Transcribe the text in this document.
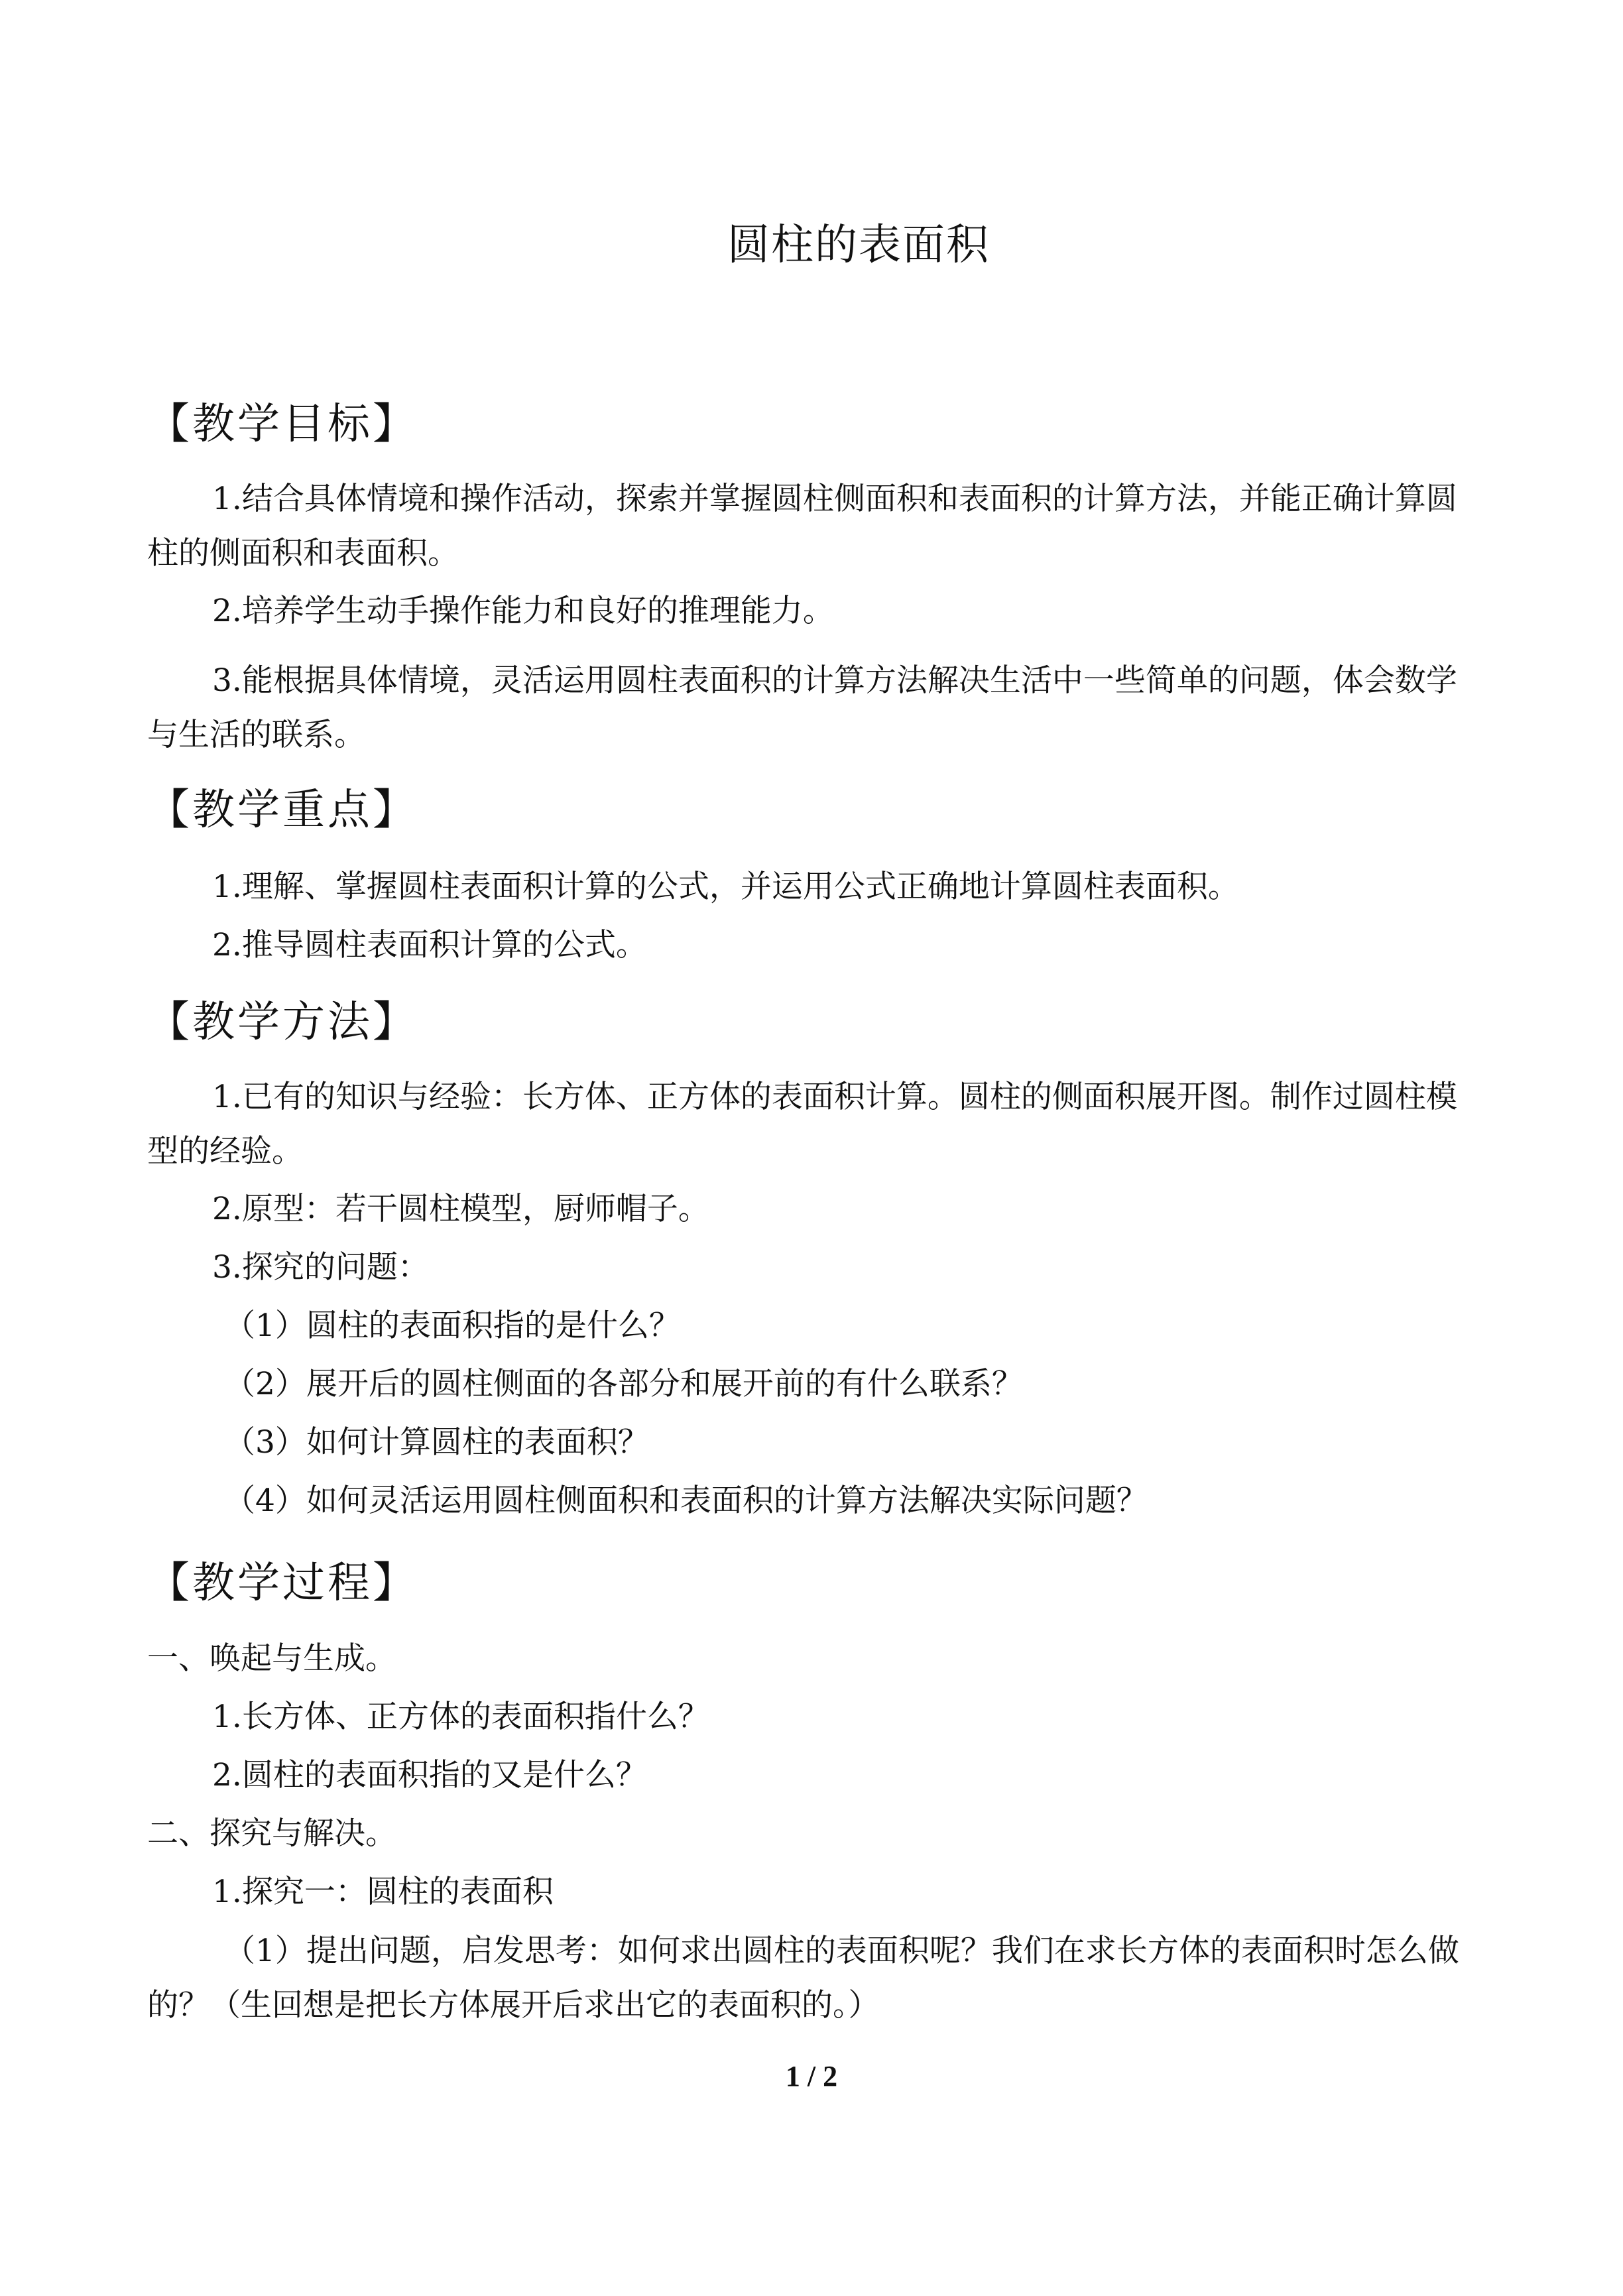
圆柱的表面积
【教学目标】
1.结合具体情境和操作活动，探索并掌握圆柱侧面积和表面积的计算方法，并能正确计算圆柱的侧面积和表面积。
2.培养学生动手操作能力和良好的推理能力。
3.能根据具体情境，灵活运用圆柱表面积的计算方法解决生活中一些简单的问题，体会数学与生活的联系。
【教学重点】
1.理解、掌握圆柱表面积计算的公式，并运用公式正确地计算圆柱表面积。
2.推导圆柱表面积计算的公式。
【教学方法】
1.已有的知识与经验：长方体、正方体的表面积计算。圆柱的侧面积展开图。制作过圆柱模型的经验。
2.原型：若干圆柱模型，厨师帽子。
3.探究的问题：
（1）圆柱的表面积指的是什么？
（2）展开后的圆柱侧面的各部分和展开前的有什么联系？
（3）如何计算圆柱的表面积？
（4）如何灵活运用圆柱侧面积和表面积的计算方法解决实际问题？
【教学过程】
一、唤起与生成。
1.长方体、正方体的表面积指什么？
2.圆柱的表面积指的又是什么？
二、探究与解决。
1.探究一：圆柱的表面积
（1）提出问题，启发思考：如何求出圆柱的表面积呢？我们在求长方体的表面积时怎么做的？（生回想是把长方体展开后求出它的表面积的。）
1 / 2
